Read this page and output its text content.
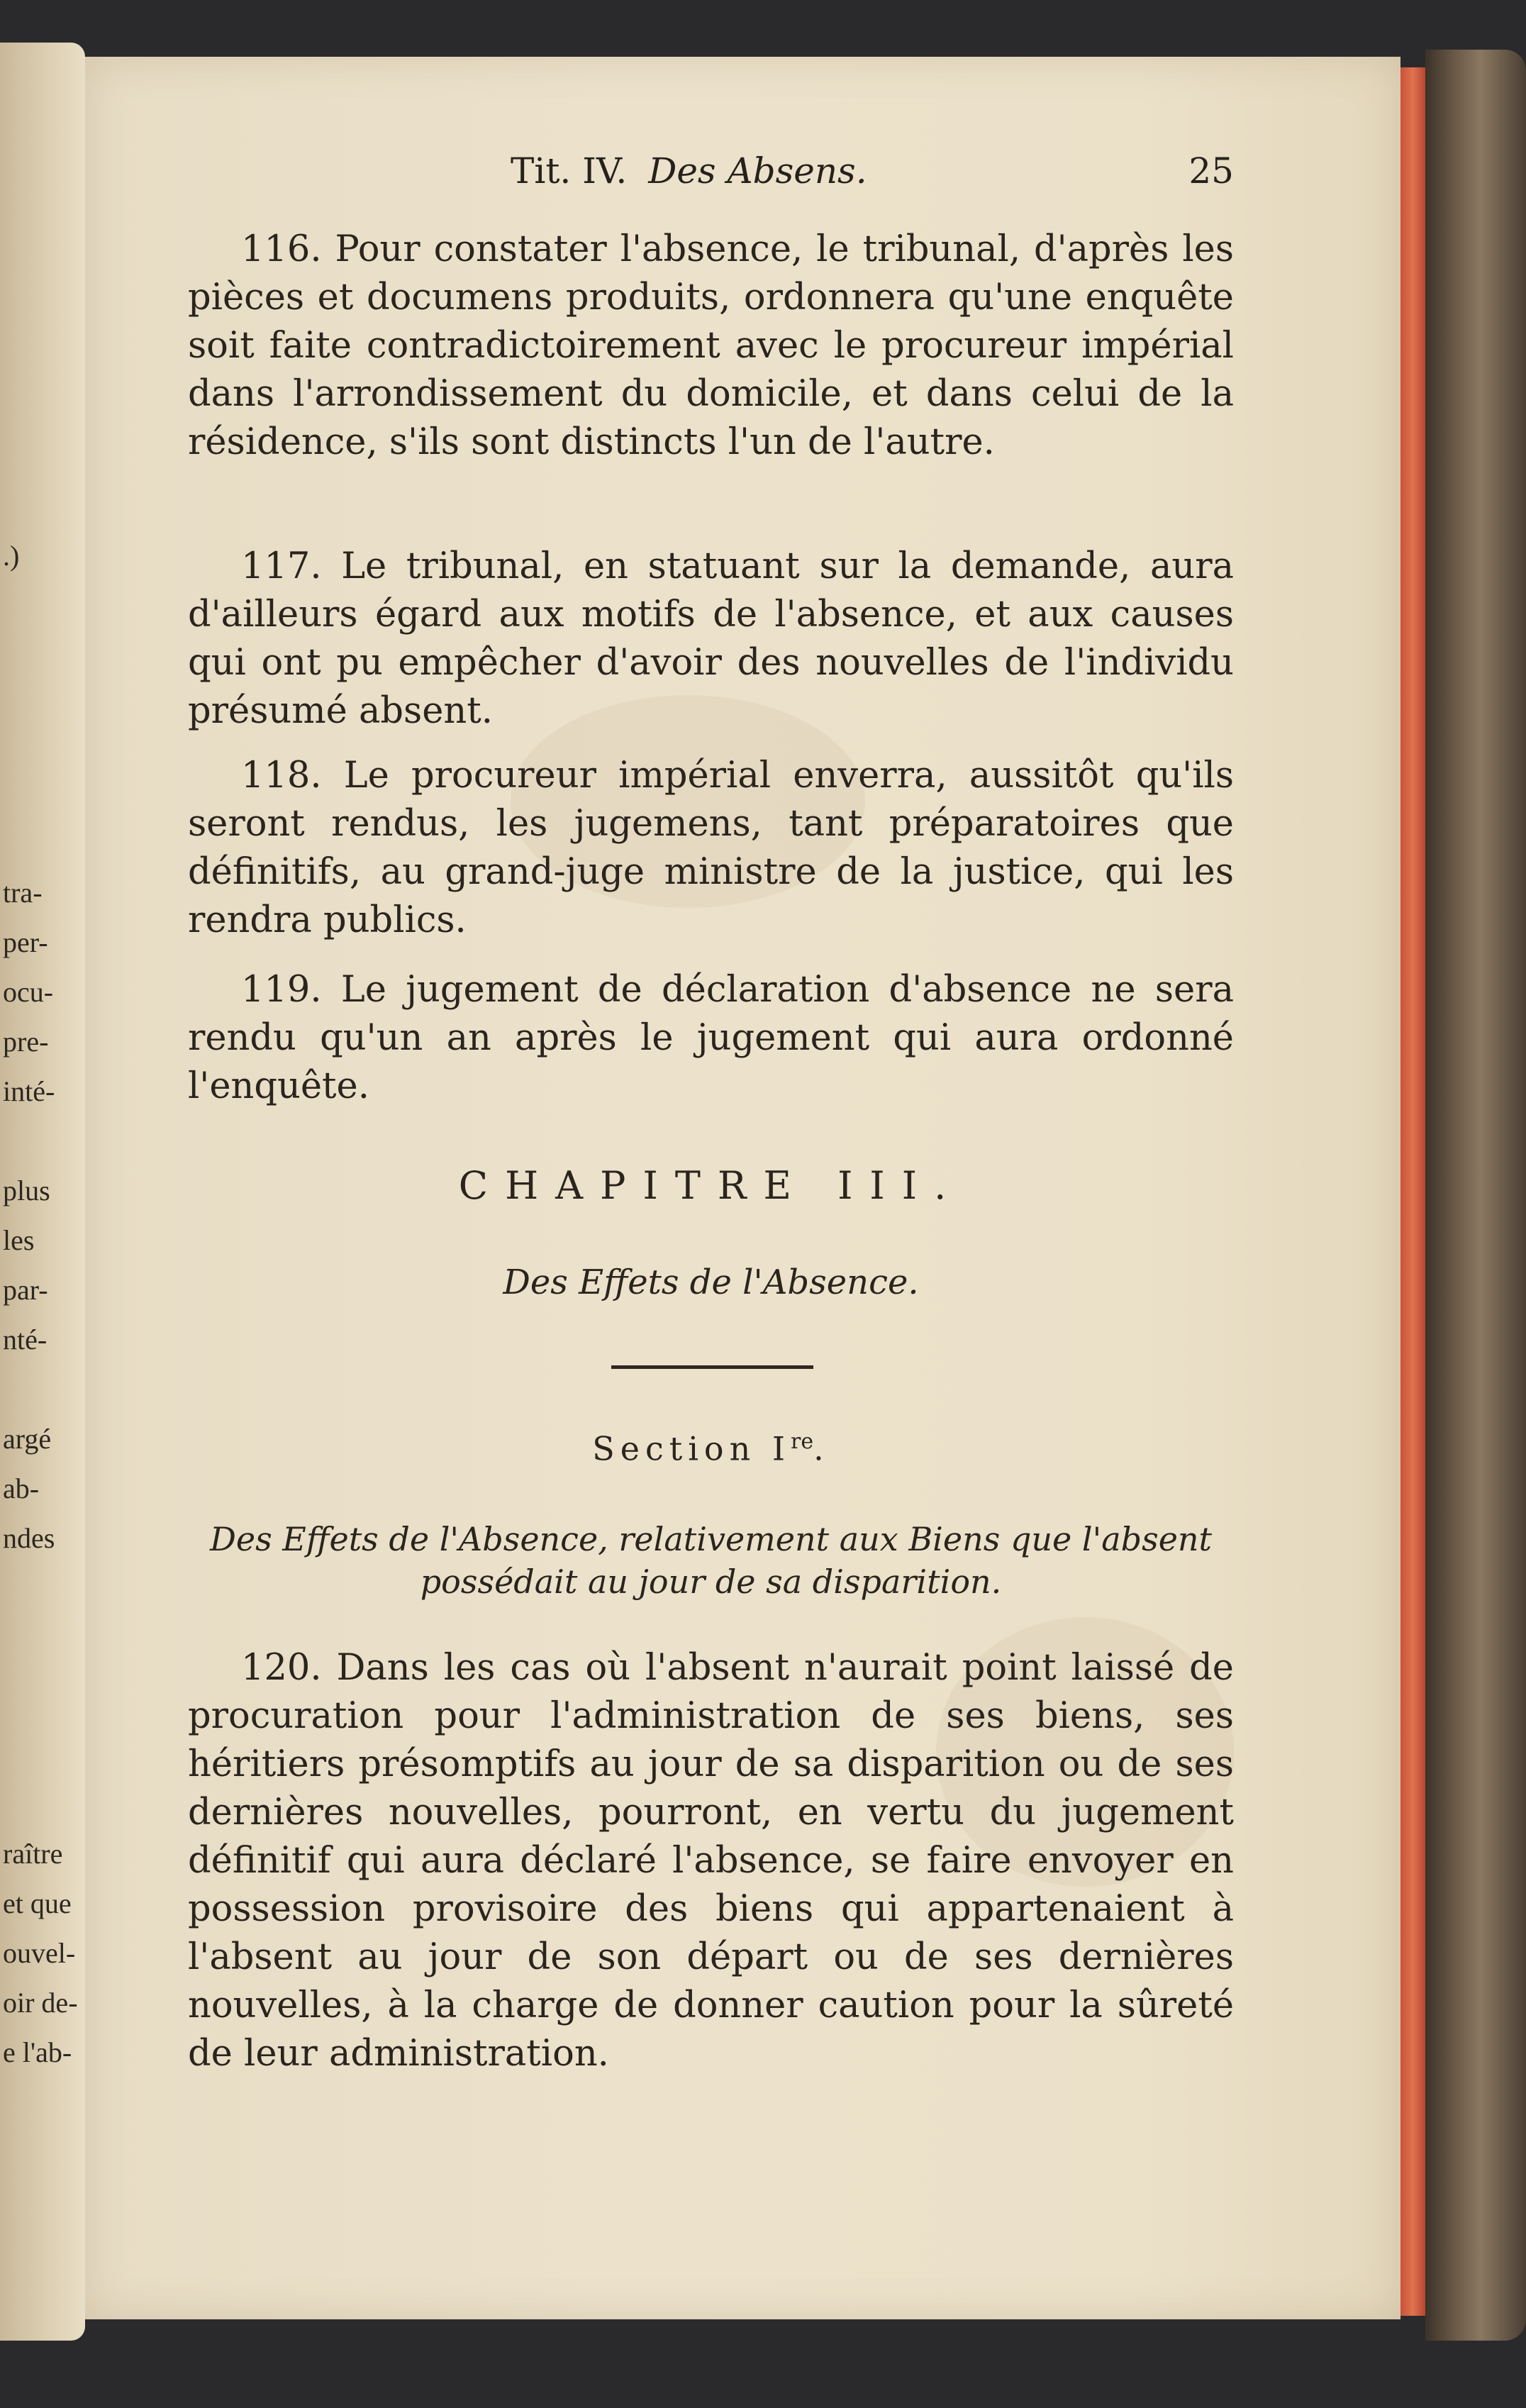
.)
tra-
per-
ocu-
pre-
inté-
plus
les
par-
nté-
argé
ab-
ndes
raître
et que
ouvel-
oir de-
e l'ab-
Tit. IV. Des Absens.	25
116. Pour constater l'absence, le tribunal, d'après les pièces et documens produits, ordonnera qu'une enquête soit faite contradictoirement avec le procureur impérial dans l'arrondissement du domicile, et dans celui de la résidence, s'ils sont distincts l'un de l'autre.
117. Le tribunal, en statuant sur la demande, aura d'ailleurs égard aux motifs de l'absence, et aux causes qui ont pu empêcher d'avoir des nouvelles de l'individu présumé absent.
118. Le procureur impérial enverra, aussitôt qu'ils seront rendus, les jugemens, tant préparatoires que définitifs, au grand-juge ministre de la justice, qui les rendra publics.
119. Le jugement de déclaration d'absence ne sera rendu qu'un an après le jugement qui aura ordonné l'enquête.
CHAPITRE III.
Des Effets de l'Absence.
Section Ire.
Des Effets de l'Absence, relativement aux Biens que l'absent possédait au jour de sa disparition.
120. Dans les cas où l'absent n'aurait point laissé de procuration pour l'administration de ses biens, ses héritiers présomptifs au jour de sa disparition ou de ses dernières nouvelles, pourront, en vertu du jugement définitif qui aura déclaré l'absence, se faire envoyer en possession provisoire des biens qui appartenaient à l'absent au jour de son départ ou de ses dernières nouvelles, à la charge de donner caution pour la sûreté de leur administration.
